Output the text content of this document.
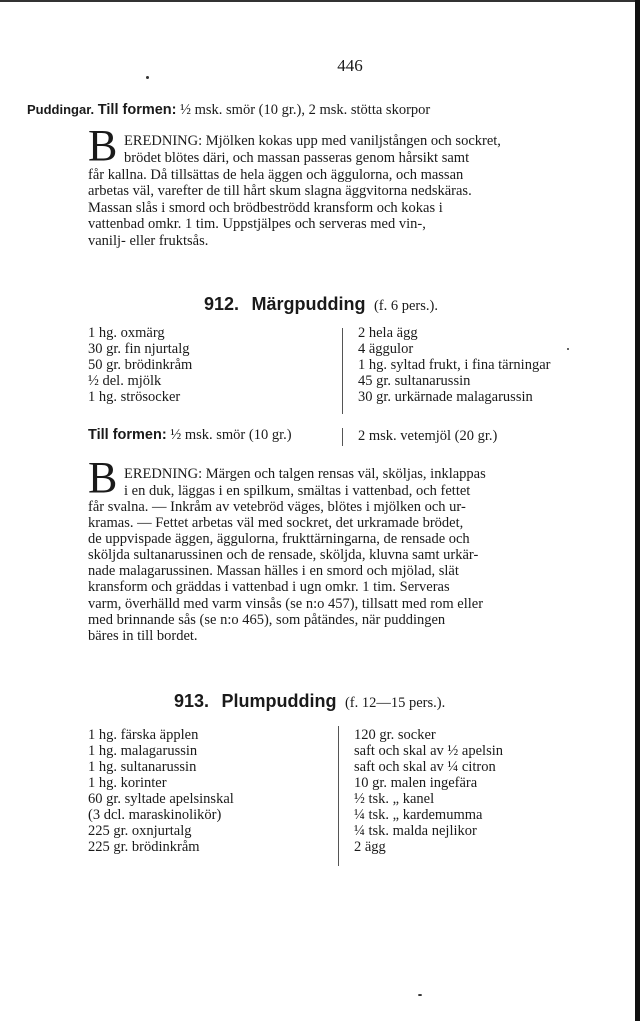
446
Puddingar. Till formen: ½ msk. smör (10 gr.), 2 msk. stötta skorpor
B EREDNING: Mjölken kokas upp med vaniljstången och sockret,
brödet blötes däri, och massan passeras genom hårsikt samt
får kallna. Då tillsättas de hela äggen och äggulorna, och massan
arbetas väl, varefter de till hårt skum slagna äggvitorna nedskäras.
Massan slås i smord och brödbeströdd kransform och kokas i
vattenbad omkr. 1 tim. Uppstjälpes och serveras med vin-,
vanilj- eller fruktsås.
912. Märgpudding (f. 6 pers.).
1 hg. oxmärg
30 gr. fin njurtalg
50 gr. brödinkråm
½ del. mjölk
1 hg. strösocker
2 hela ägg
4 äggulor
1 hg. syltad frukt, i fina tärningar
45 gr. sultanarussin
30 gr. urkärnade malagarussin
Till formen: ½ msk. smör (10 gr.)	2 msk. vetemjöl (20 gr.)
B EREDNING: Märgen och talgen rensas väl, sköljas, inklappas
i en duk, läggas i en spilkum, smältas i vattenbad, och fettet
får svalna. — Inkråm av vetebröd väges, blötes i mjölken och ur-
kramas. — Fettet arbetas väl med sockret, det urkramade brödet,
de uppvispade äggen, äggulorna, frukttärningarna, de rensade och
sköljda sultanarussinen och de rensade, sköljda, kluvna samt urkär-
nade malagarussinen. Massan hälles i en smord och mjölad, slät
kransform och gräddas i vattenbad i ugn omkr. 1 tim. Serveras
varm, överhälld med varm vinsås (se n:o 457), tillsatt med rom eller
med brinnande sås (se n:o 465), som påtändes, när puddingen
bäres in till bordet.
913. Plumpudding (f. 12—15 pers.).
1 hg. färska äpplen
1 hg. malagarussin
1 hg. sultanarussin
1 hg. korinter
60 gr. syltade apelsinskal
(3 dcl. maraskinolikör)
225 gr. oxnjurtalg
225 gr. brödinkråm
120 gr. socker
saft och skal av ½ apelsin
saft och skal av ¼ citron
10 gr. malen ingefära
½ tsk. „ kanel
¼ tsk. „ kardemumma
¼ tsk. malda nejlikor
2 ägg
